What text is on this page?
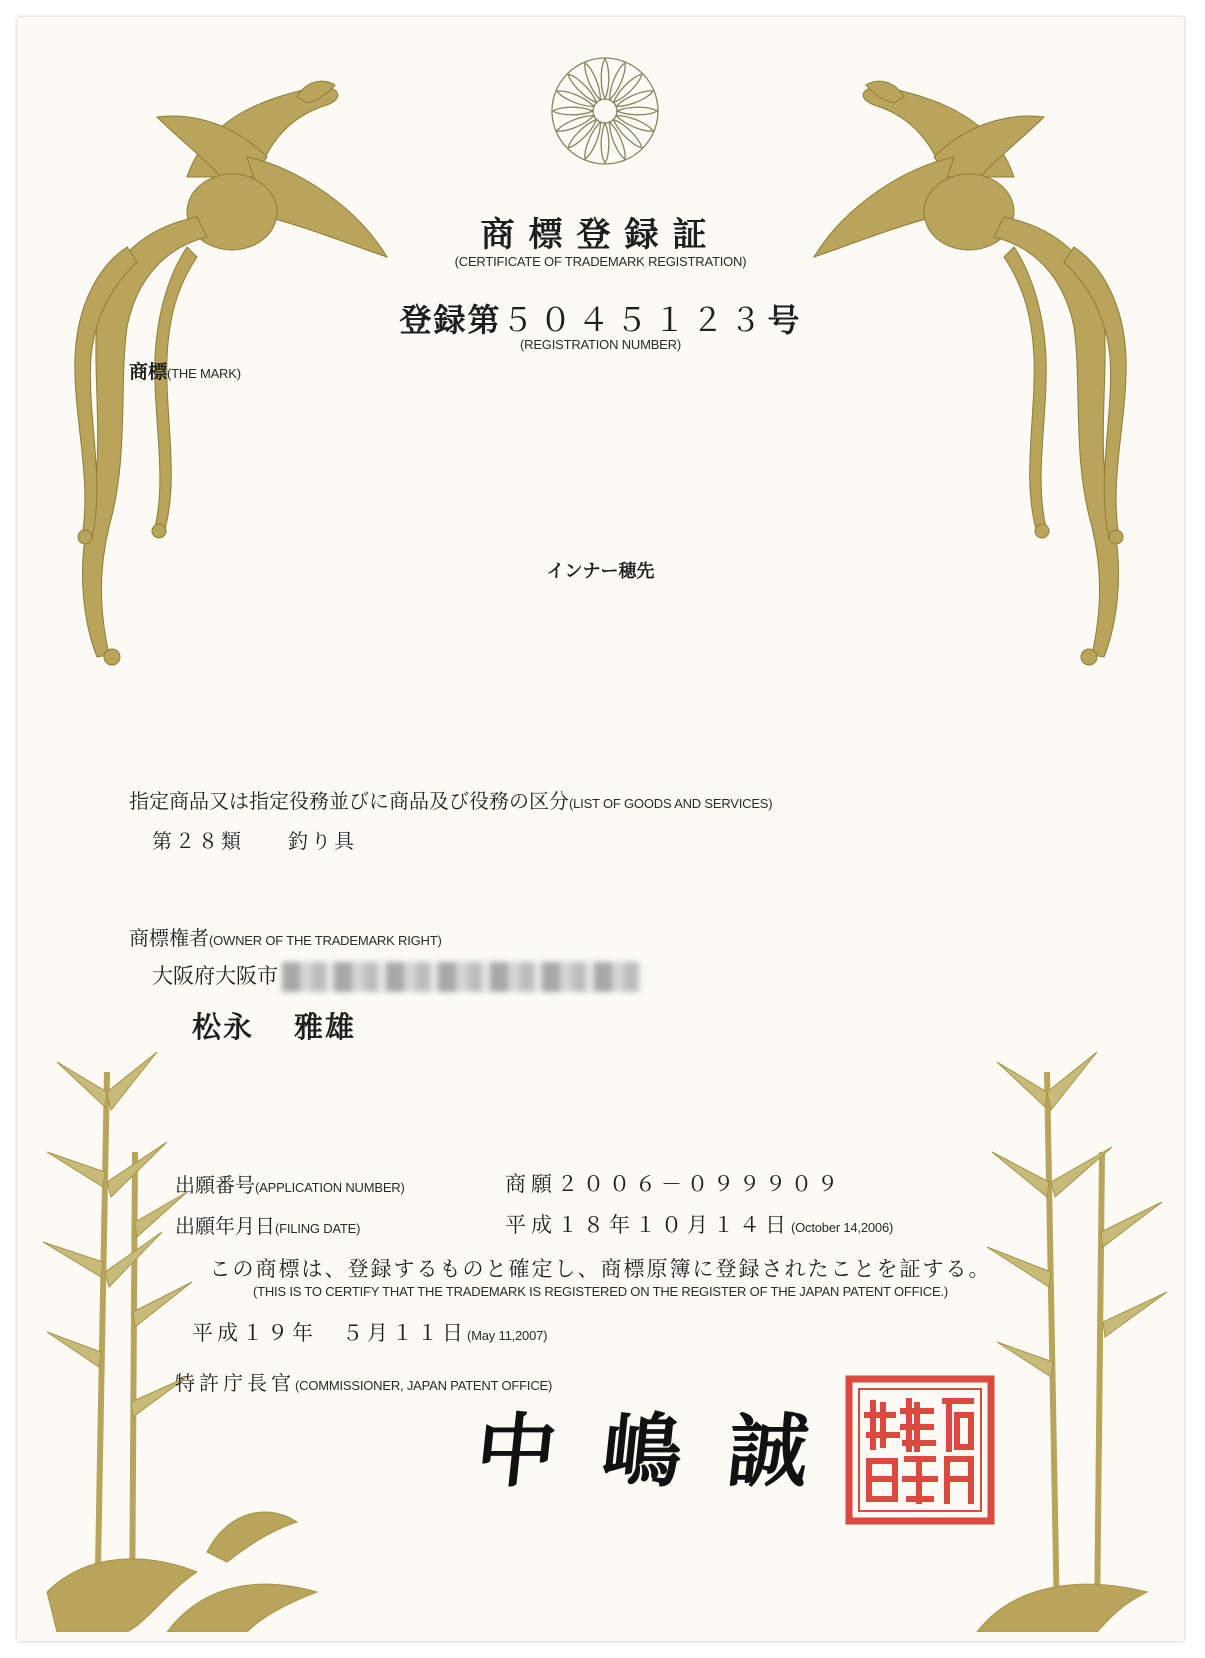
商標登録証
(CERTIFICATE OF TRADEMARK REGISTRATION)
登録第５０４５１２３号
(REGISTRATION NUMBER)
商標(THE MARK)
インナー穂先
指定商品又は指定役務並びに商品及び役務の区分(LIST OF GOODS AND SERVICES)
第２８類 釣り具
商標権者(OWNER OF THE TRADEMARK RIGHT)
大阪府大阪市
松永 雅雄
出願番号(APPLICATION NUMBER)	商願２００６－０９９９０９
出願年月日(FILING DATE)	平成１８年１０月１４日(October 14,2006)
この商標は、登録するものと確定し、商標原簿に登録されたことを証する。
(THIS IS TO CERTIFY THAT THE TRADEMARK IS REGISTERED ON THE REGISTER OF THE JAPAN PATENT OFFICE.)
平成１９年　５月１１日(May 11,2007)
特許庁長官(COMMISSIONER, JAPAN PATENT OFFICE)
中嶋誠
